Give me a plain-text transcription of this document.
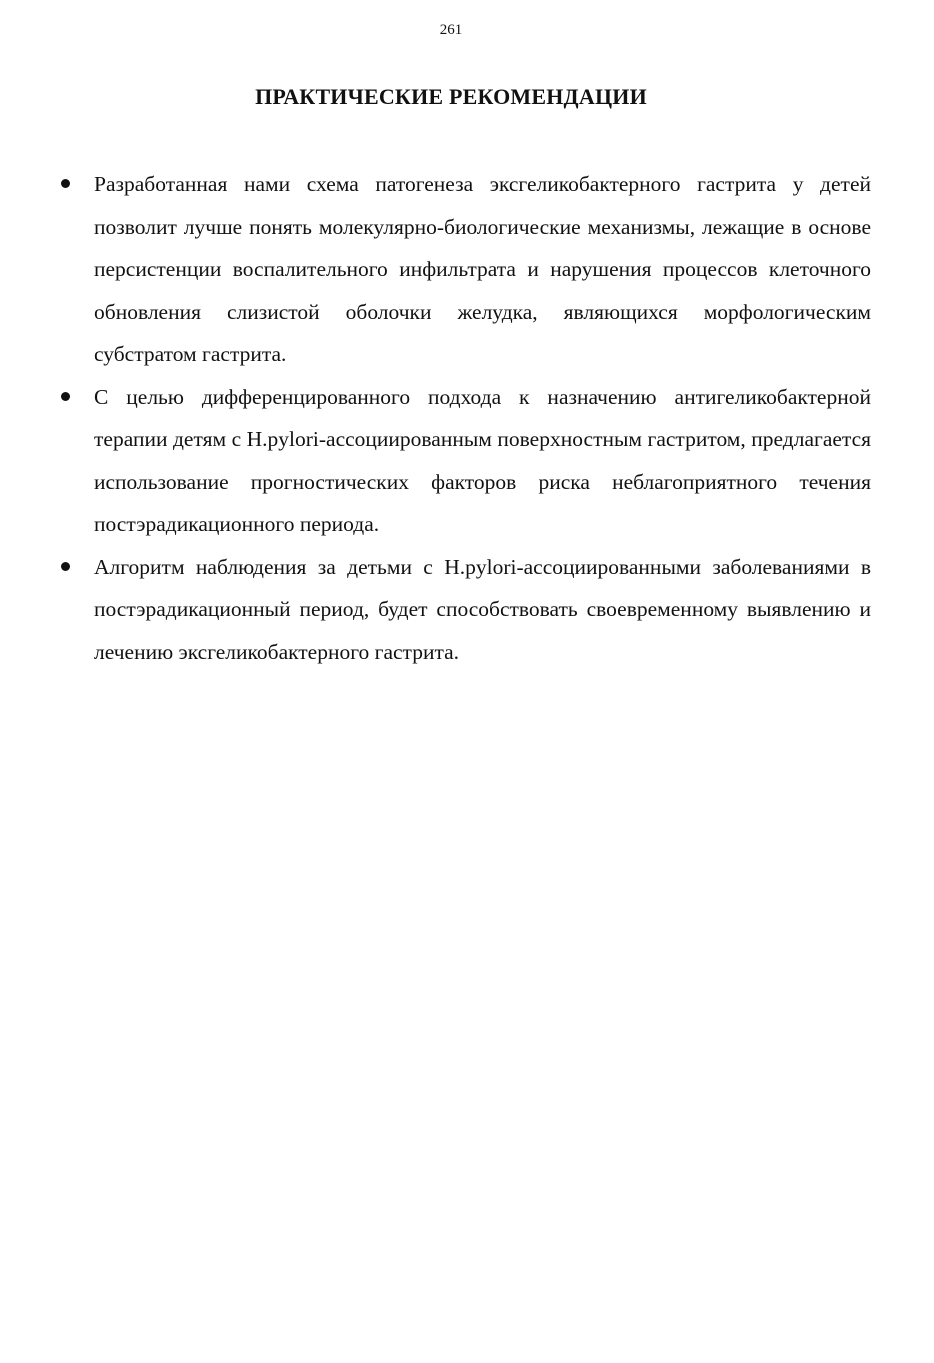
261
ПРАКТИЧЕСКИЕ РЕКОМЕНДАЦИИ
Разработанная нами схема патогенеза эксгеликобактерного гастрита у детей позволит лучше понять молекулярно-биологические механизмы, лежащие в основе персистенции воспалительного инфильтрата и нарушения процессов клеточного обновления слизистой оболочки желудка, являющихся морфологическим субстратом гастрита.
С целью дифференцированного подхода к назначению антигеликобактерной терапии детям с H.pylori-ассоциированным поверхностным гастритом, предлагается использование прогностических факторов риска неблагоприятного течения постэрадикационного периода.
Алгоритм наблюдения за детьми с H.pylori-ассоциированными заболеваниями в постэрадикационный период, будет способствовать своевременному выявлению и лечению эксгеликобактерного гастрита.
